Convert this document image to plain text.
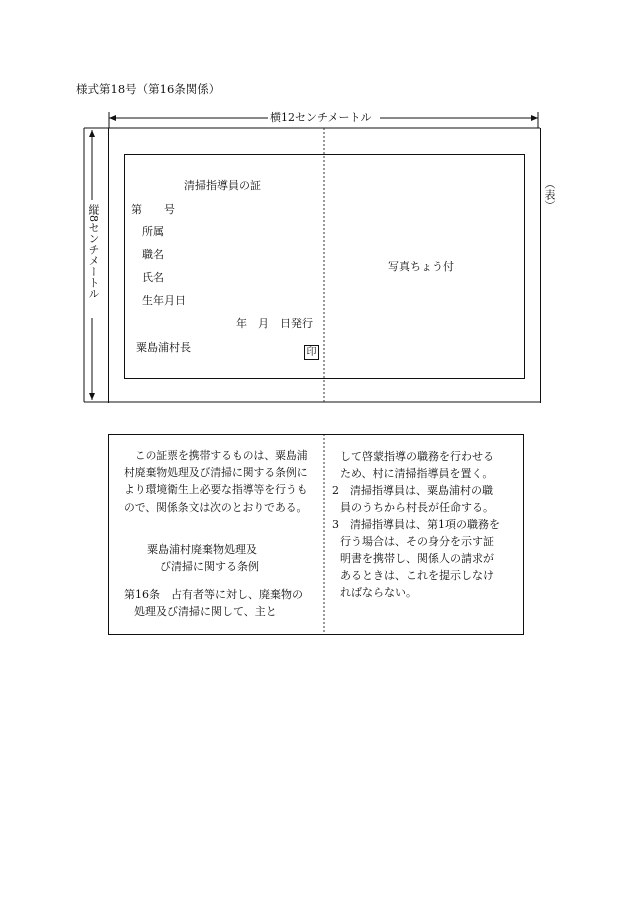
様式第18号（第16条関係）
横12センチメートル
縦8センチメートル
（表）
清掃指導員の証
第　　号
所属
職名
氏名
生年月日
年　月　日発行
粟島浦村長	印
写真ちょう付
この証票を携帯するものは、粟島浦村廃棄物処理及び清掃に関する条例により環境衛生上必要な指導等を行うもので、関係条文は次のとおりである。
粟島浦村廃棄物処理及
び清掃に関する条例
第16条　占有者等に対し、廃棄物の
処理及び清掃に関して、主と
して啓蒙指導の職務を行わせる
ため、村に清掃指導員を置く。
2　清掃指導員は、粟島浦村の職
員のうちから村長が任命する。
3　清掃指導員は、第1項の職務を
行う場合は、その身分を示す証
明書を携帯し、関係人の請求が
あるときは、これを提示しなけ
ればならない。
